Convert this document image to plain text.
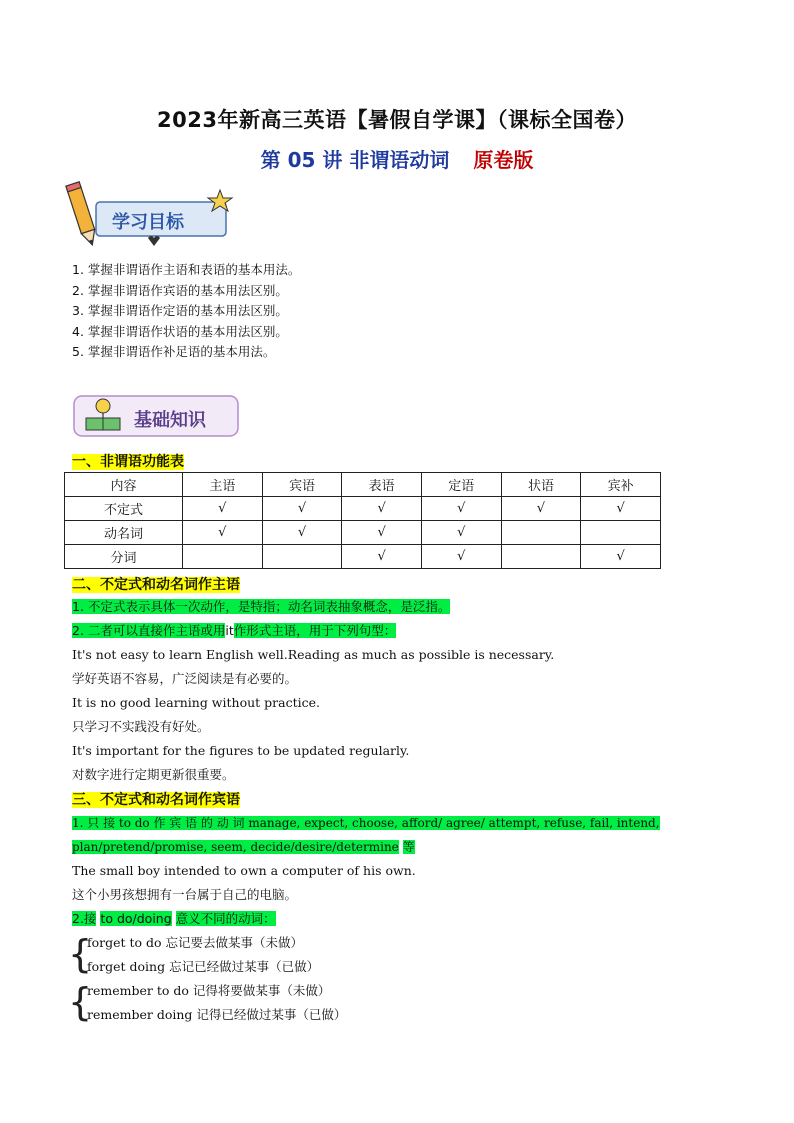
2023年新高三英语【暑假自学课】（课标全国卷）
第 05 讲 非谓语动词 原卷版
学习目标
1. 掌握非谓语作主语和表语的基本用法。
2. 掌握非谓语作宾语的基本用法区别。
3. 掌握非谓语作定语的基本用法区别。
4. 掌握非谓语作状语的基本用法区别。
5. 掌握非谓语作补足语的基本用法。
基础知识
一、非谓语功能表
内容	主语	宾语	表语	定语	状语	宾补
不定式	√	√	√	√	√	√
动名词	√	√	√	√		
分词			√	√		√
二、不定式和动名词作主语
1. 不定式表示具体一次动作，是特指；动名词表抽象概念，是泛指。
2. 二者可以直接作主语或用it作形式主语，用于下列句型：
It's not easy to learn English well.Reading as much as possible is necessary.
学好英语不容易，广泛阅读是有必要的。
It is no good learning without practice.
只学习不实践没有好处。
It's important for the figures to be updated regularly.
对数字进行定期更新很重要。
三、不定式和动名词作宾语
1. 只 接 to do 作 宾 语 的 动 词 manage, expect, choose, afford/ agree/ attempt, refuse, fail, intend,
plan/pretend/promise, seem, decide/desire/determine 等
The small boy intended to own a computer of his own.
这个小男孩想拥有一台属于自己的电脑。
2.接 to do/doing 意义不同的动词：
{
forget to do 忘记要去做某事（未做）
forget doing 忘记已经做过某事（已做）
{
remember to do 记得将要做某事（未做）
remember doing 记得已经做过某事（已做）
